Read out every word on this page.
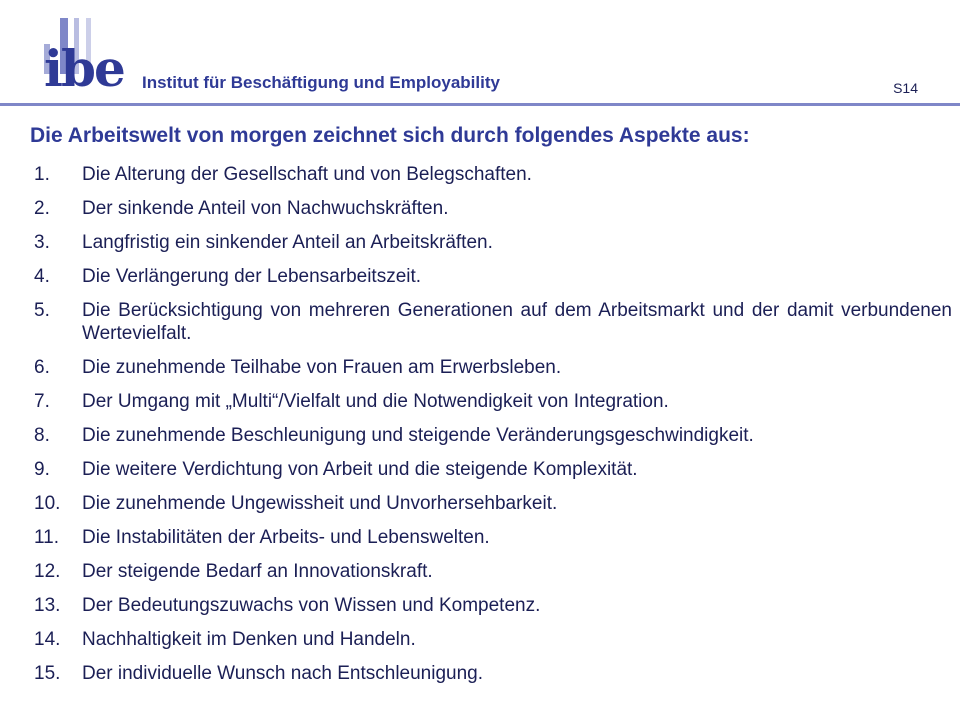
ibe Institut für Beschäftigung und Employability	S14
Die Arbeitswelt von morgen zeichnet sich durch folgendes Aspekte aus:
1.	Die Alterung der Gesellschaft und von Belegschaften.
2.	Der sinkende Anteil von Nachwuchskräften.
3.	Langfristig ein sinkender Anteil an Arbeitskräften.
4.	Die Verlängerung der Lebensarbeitszeit.
5.	Die Berücksichtigung von mehreren Generationen auf dem Arbeitsmarkt und der damit verbundenen Wertevielfalt.
6.	Die zunehmende Teilhabe von Frauen am Erwerbsleben.
7.	Der Umgang mit „Multi“/Vielfalt und die Notwendigkeit von Integration.
8.	Die zunehmende Beschleunigung und steigende Veränderungsgeschwindigkeit.
9.	Die weitere Verdichtung von Arbeit und die steigende Komplexität.
10.	Die zunehmende Ungewissheit und Unvorhersehbarkeit.
11.	Die Instabilitäten der Arbeits- und Lebenswelten.
12.	Der steigende Bedarf an Innovationskraft.
13.	Der Bedeutungszuwachs von Wissen und Kompetenz.
14.	Nachhaltigkeit im Denken und Handeln.
15.	Der individuelle Wunsch nach Entschleunigung.
